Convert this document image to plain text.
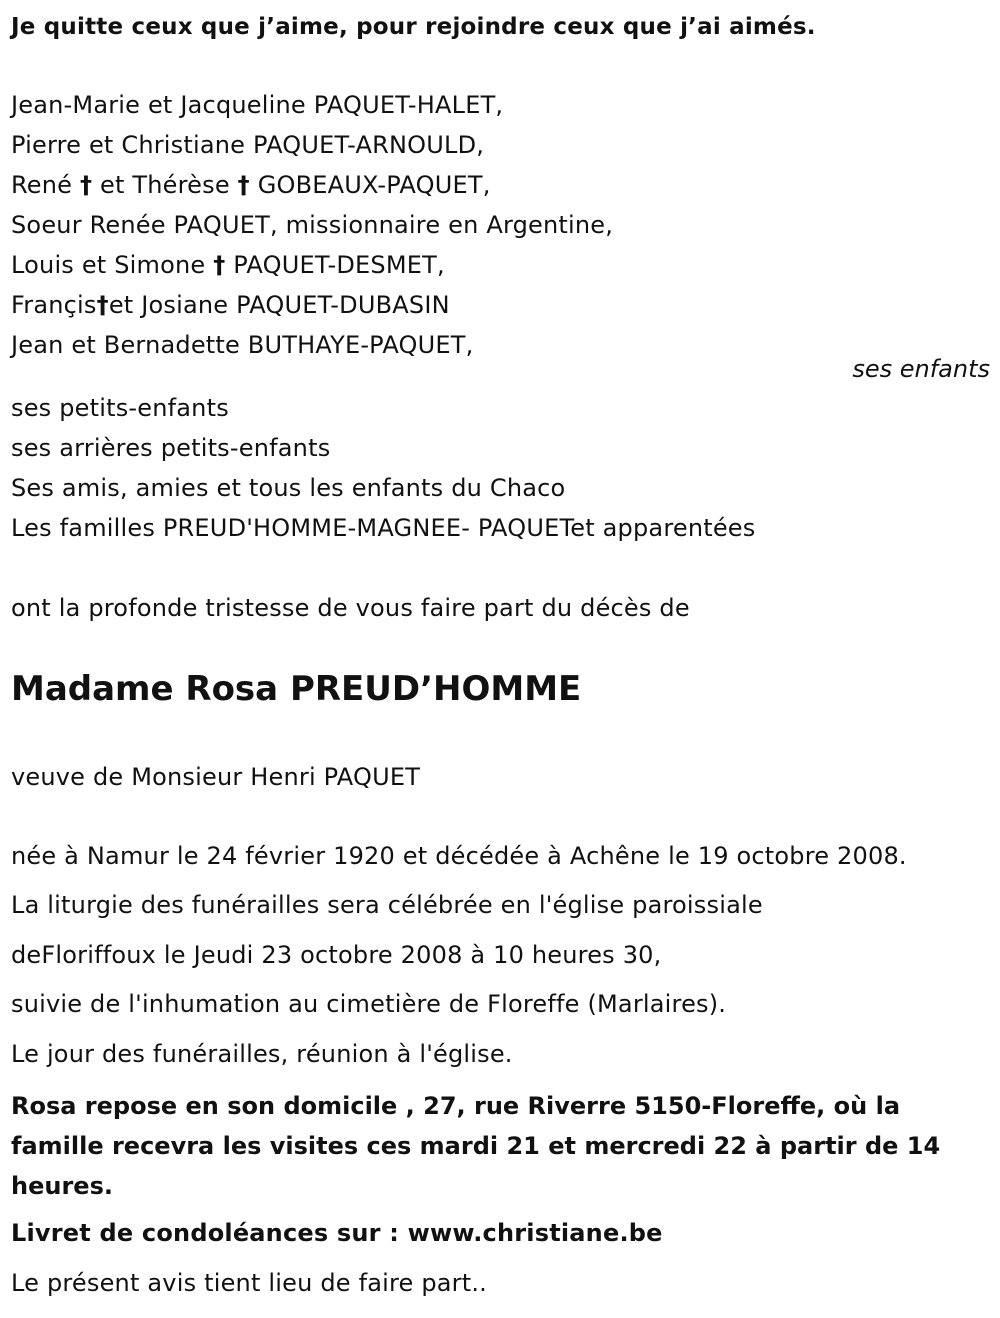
Je quitte ceux que j’aime, pour rejoindre ceux que j’ai aimés.
Jean-Marie et Jacqueline PAQUET-HALET,
Pierre et Christiane PAQUET-ARNOULD,
René † et Thérèse † GOBEAUX-PAQUET,
Soeur Renée PAQUET, missionnaire en Argentine,
Louis et Simone † PAQUET-DESMET,
Françis†et Josiane PAQUET-DUBASIN
Jean et Bernadette BUTHAYE-PAQUET,
ses enfants
ses petits-enfants
ses arrières petits-enfants
Ses amis, amies et tous les enfants du Chaco
Les familles PREUD'HOMME-MAGNEE- PAQUETet apparentées
ont la profonde tristesse de vous faire part du décès de
Madame Rosa PREUD’HOMME
veuve de Monsieur Henri PAQUET
née à Namur le 24 février 1920 et décédée à Achêne le 19 octobre 2008.
La liturgie des funérailles sera célébrée en l'église paroissiale
deFloriffoux le Jeudi 23 octobre 2008 à 10 heures 30,
suivie de l'inhumation au cimetière de Floreffe (Marlaires).
Le jour des funérailles, réunion à l'église.
Rosa repose en son domicile , 27, rue Riverre 5150-Floreffe, où la famille recevra les visites ces mardi 21 et mercredi 22 à partir de 14 heures.
Livret de condoléances sur : www.christiane.be
Le présent avis tient lieu de faire part..
